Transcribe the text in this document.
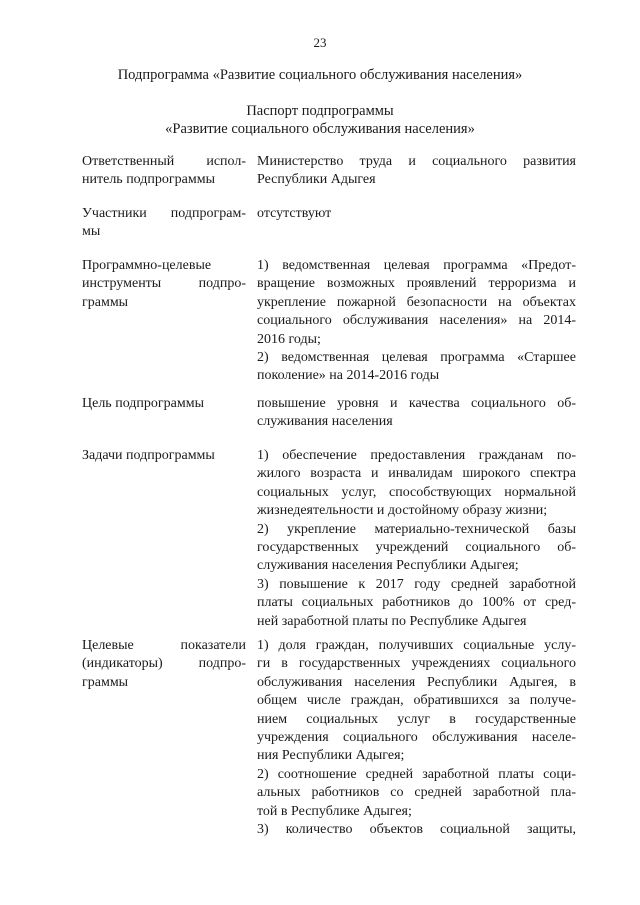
23
Подпрограмма «Развитие социального обслуживания населения»
Паспорт подпрограммы
«Развитие социального обслуживания населения»
Ответственный испол-
нитель подпрограммы
Министерство труда и социального развития
Республики Адыгея
Участники подпрограм-
мы
отсутствуют
Программно-целевые
инструменты подпро-
граммы
1) ведомственная целевая программа «Предот-
вращение возможных проявлений терроризма и
укрепление пожарной безопасности на объектах
социального обслуживания населения» на 2014-
2016 годы;
2) ведомственная целевая программа «Старшее
поколение» на 2014-2016 годы
Цель подпрограммы	повышение уровня и качества социального об-
служивания населения
Задачи подпрограммы	1) обеспечение предоставления гражданам по-
жилого возраста и инвалидам широкого спектра
социальных услуг, способствующих нормальной
жизнедеятельности и достойному образу жизни;
2) укрепление материально-технической базы
государственных учреждений социального об-
служивания населения Республики Адыгея;
3) повышение к 2017 году средней заработной
платы социальных работников до 100% от сред-
ней заработной платы по Республике Адыгея
Целевые показатели
(индикаторы) подпро-
граммы
1) доля граждан, получивших социальные услу-
ги в государственных учреждениях социального
обслуживания населения Республики Адыгея, в
общем числе граждан, обратившихся за получе-
нием социальных услуг в государственные
учреждения социального обслуживания населе-
ния Республики Адыгея;
2) соотношение средней заработной платы соци-
альных работников со средней заработной пла-
той в Республике Адыгея;
3) количество объектов социальной защиты,
